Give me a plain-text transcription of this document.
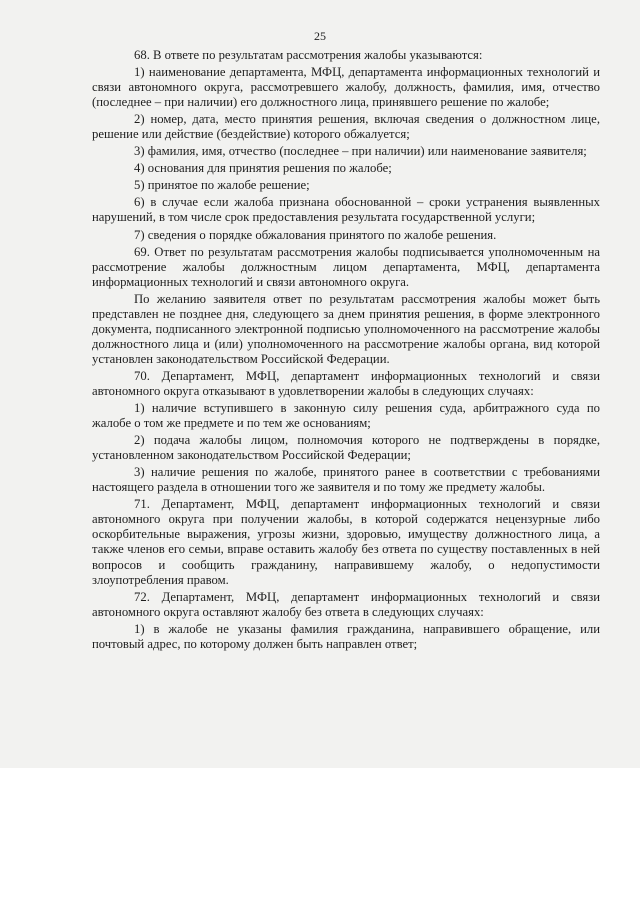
25

68. В ответе по результатам рассмотрения жалобы указываются:

1) наименование департамента, МФЦ, департамента информационных технологий и связи автономного округа, рассмотревшего жалобу, должность, фамилия, имя, отчество (последнее – при наличии) его должностного лица, принявшего решение по жалобе;

2) номер, дата, место принятия решения, включая сведения о должностном лице, решение или действие (бездействие) которого обжалуется;

3) фамилия, имя, отчество (последнее – при наличии) или наименование заявителя;

4) основания для принятия решения по жалобе;

5) принятое по жалобе решение;

6) в случае если жалоба признана обоснованной – сроки устранения выявленных нарушений, в том числе срок предоставления результата государственной услуги;

7) сведения о порядке обжалования принятого по жалобе решения.

69. Ответ по результатам рассмотрения жалобы подписывается уполномоченным на рассмотрение жалобы должностным лицом департамента, МФЦ, департамента информационных технологий и связи автономного округа.

По желанию заявителя ответ по результатам рассмотрения жалобы может быть представлен не позднее дня, следующего за днем принятия решения, в форме электронного документа, подписанного электронной подписью уполномоченного на рассмотрение жалобы должностного лица и (или) уполномоченного на рассмотрение жалобы органа, вид которой установлен законодательством Российской Федерации.

70. Департамент, МФЦ, департамент информационных технологий и связи автономного округа отказывают в удовлетворении жалобы в следующих случаях:

1) наличие вступившего в законную силу решения суда, арбитражного суда по жалобе о том же предмете и по тем же основаниям;

2) подача жалобы лицом, полномочия которого не подтверждены в порядке, установленном законодательством Российской Федерации;

3) наличие решения по жалобе, принятого ранее в соответствии с требованиями настоящего раздела в отношении того же заявителя и по тому же предмету жалобы.

71. Департамент, МФЦ, департамент информационных технологий и связи автономного округа при получении жалобы, в которой содержатся нецензурные либо оскорбительные выражения, угрозы жизни, здоровью, имуществу должностного лица, а также членов его семьи, вправе оставить жалобу без ответа по существу поставленных в ней вопросов и сообщить гражданину, направившему жалобу, о недопустимости злоупотребления правом.

72. Департамент, МФЦ, департамент информационных технологий и связи автономного округа оставляют жалобу без ответа в следующих случаях:

1) в жалобе не указаны фамилия гражданина, направившего обращение, или почтовый адрес, по которому должен быть направлен ответ;
